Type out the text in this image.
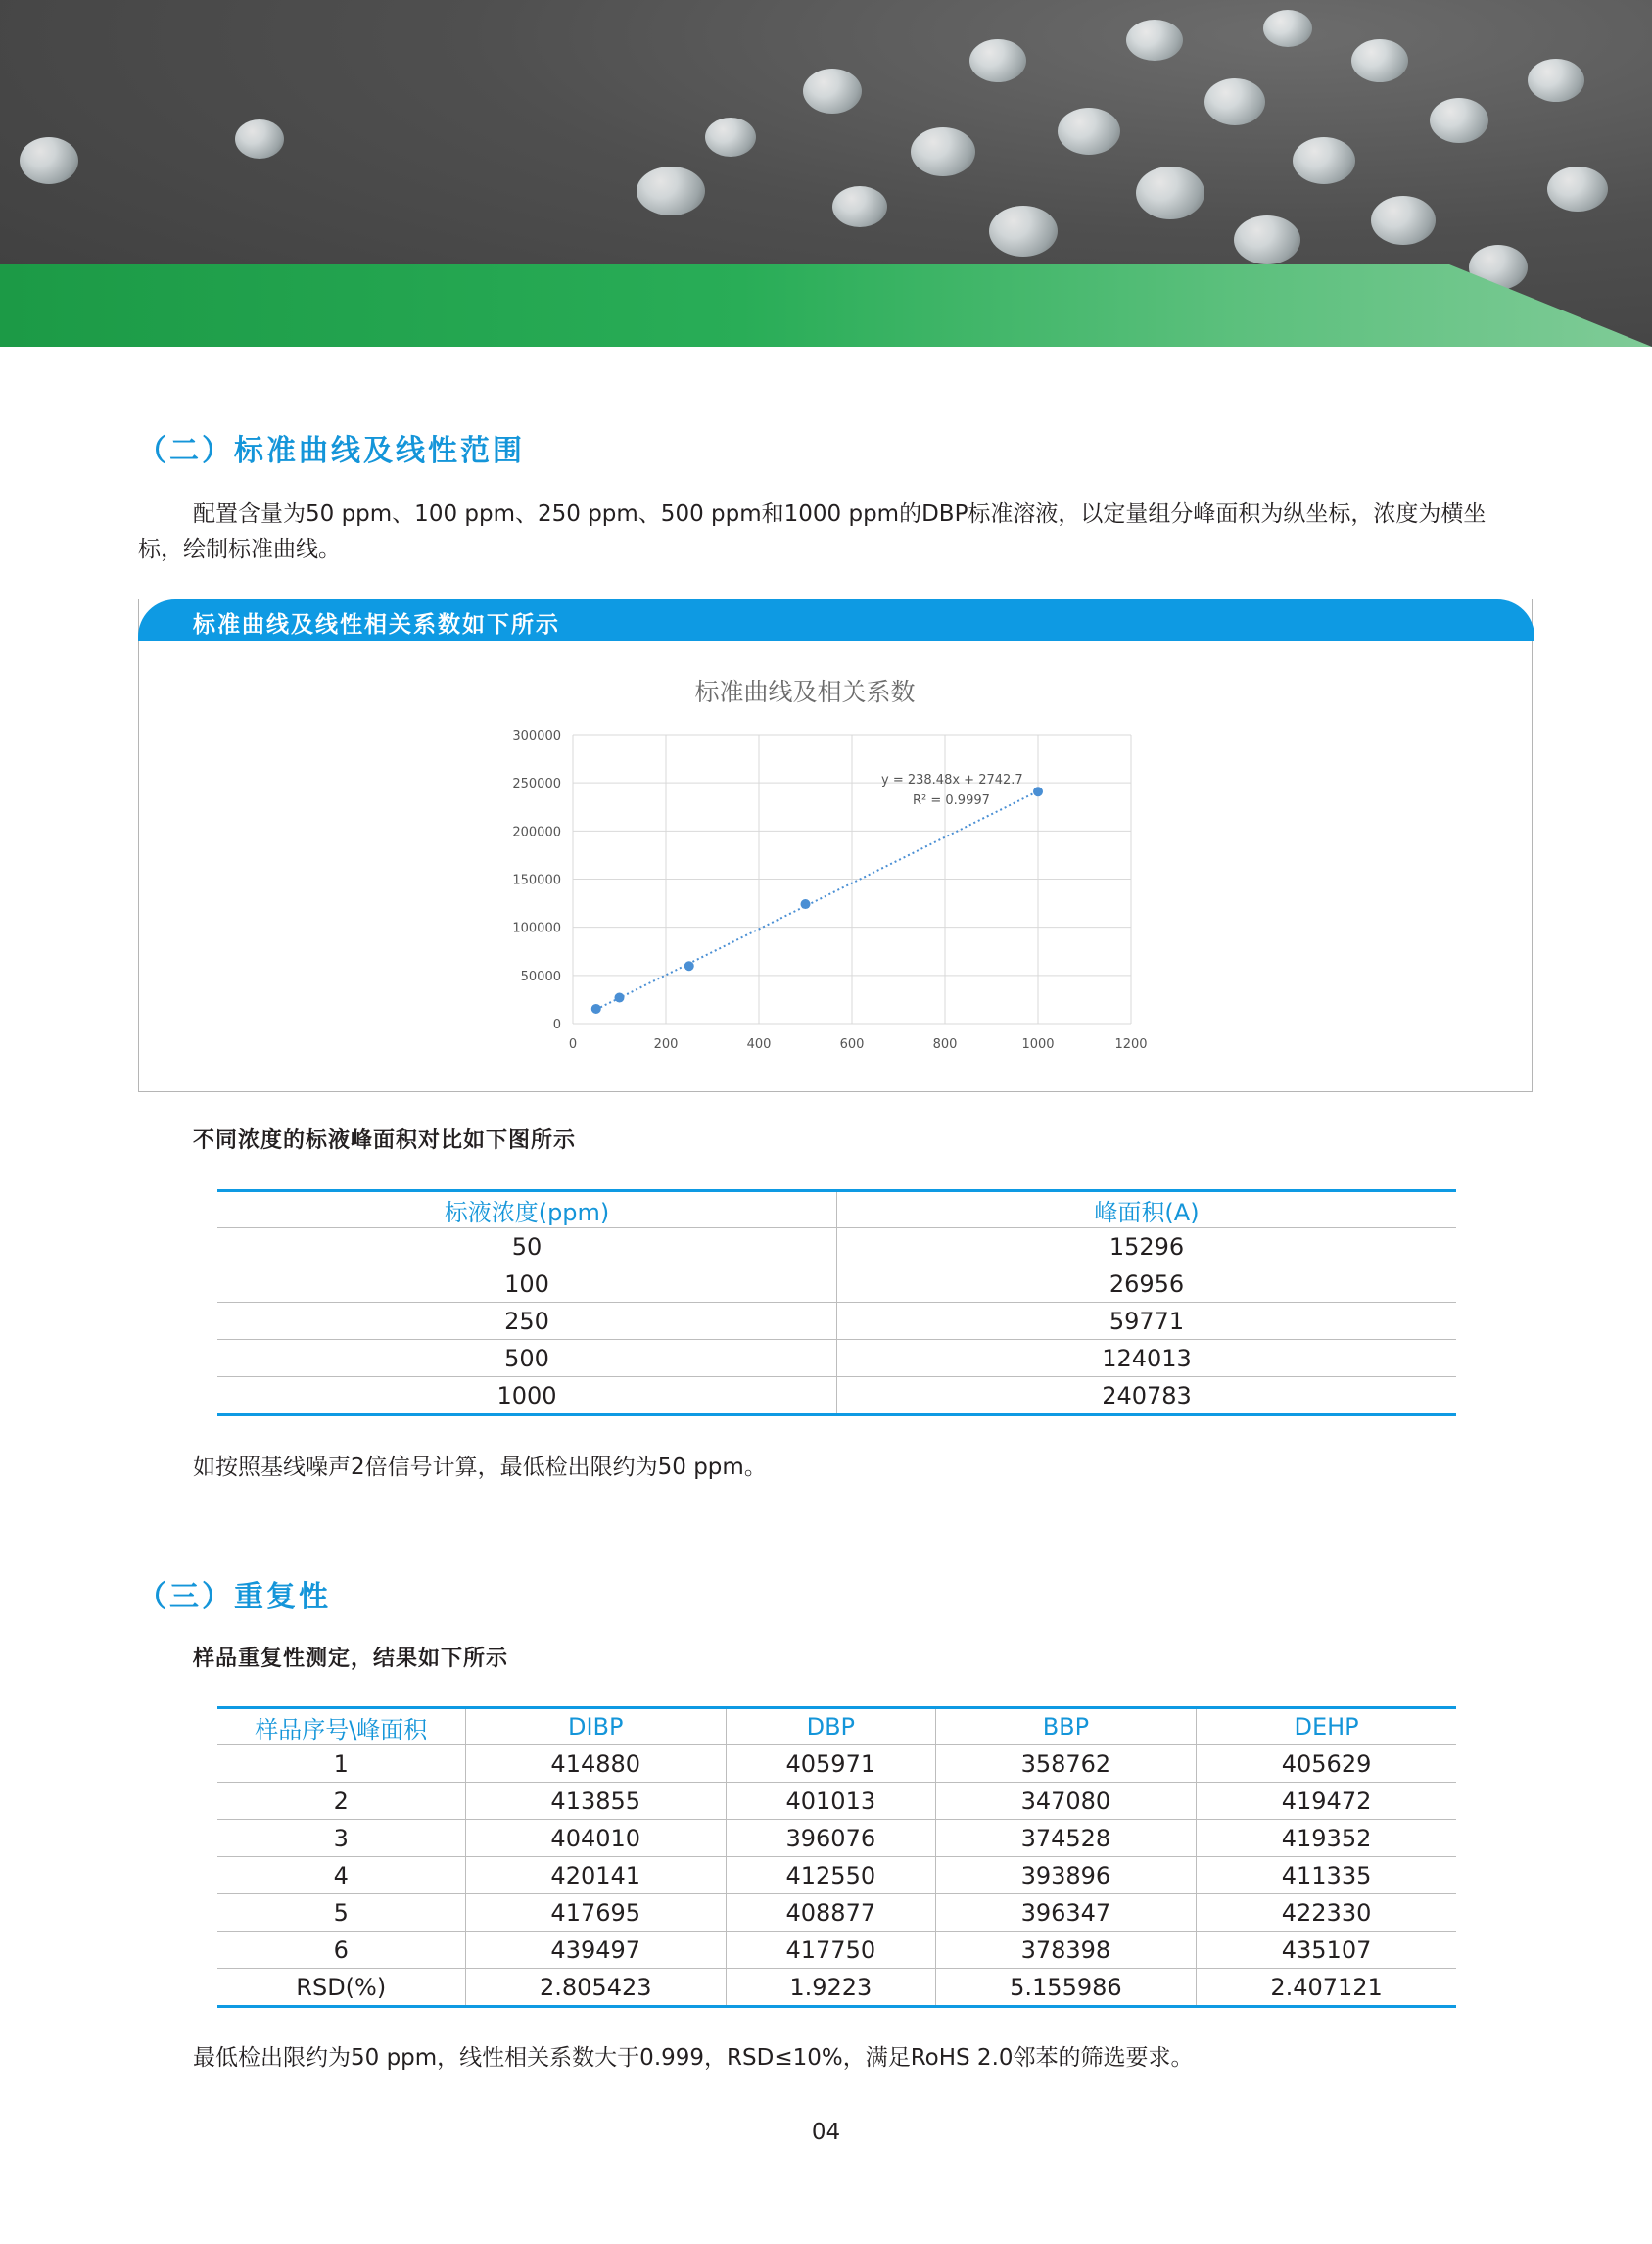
（二）标准曲线及线性范围
配置含量为50 ppm、100 ppm、250 ppm、500 ppm和1000 ppm的DBP标准溶液，以定量组分峰面积为纵坐标，浓度为横坐
标，绘制标准曲线。
标准曲线及线性相关系数如下所示
标准曲线及相关系数
0
50000
100000
150000
200000
250000
300000
0	200	400	600	800	1000	1200
y = 238.48x + 2742.7
R² = 0.9997
不同浓度的标液峰面积对比如下图所示
标液浓度(ppm)	峰面积(A)
50	15296
100	26956
250	59771
500	124013
1000	240783
如按照基线噪声2倍信号计算，最低检出限约为50 ppm。
（三）重复性
样品重复性测定，结果如下所示
样品序号\峰面积	DIBP	DBP	BBP	DEHP
1	414880	405971	358762	405629
2	413855	401013	347080	419472
3	404010	396076	374528	419352
4	420141	412550	393896	411335
5	417695	408877	396347	422330
6	439497	417750	378398	435107
RSD(%)	2.805423	1.9223	5.155986	2.407121
最低检出限约为50 ppm，线性相关系数大于0.999，RSD≤10%，满足RoHS 2.0邻苯的筛选要求。
04
